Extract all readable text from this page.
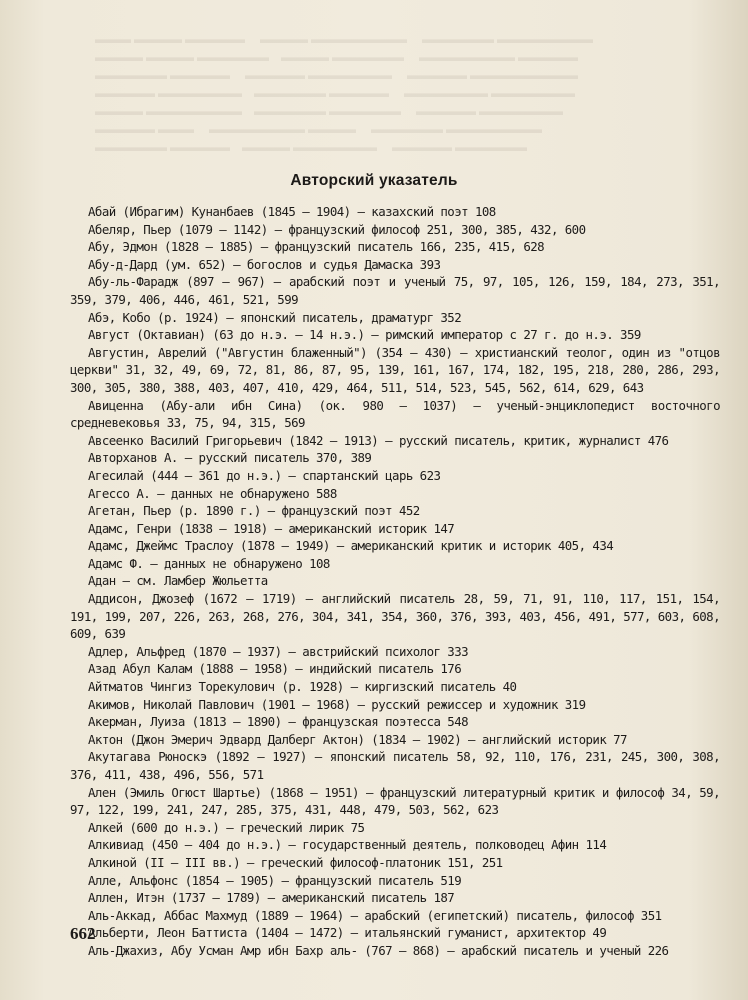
▬▬▬ ▬▬▬▬ ▬▬▬▬▬     ▬▬▬▬ ▬▬▬▬▬▬▬▬     ▬▬▬▬▬▬ ▬▬▬▬▬▬▬▬
▬▬▬▬ ▬▬▬▬ ▬▬▬▬▬▬    ▬▬▬▬ ▬▬▬▬▬▬     ▬▬▬▬▬▬▬▬ ▬▬▬▬▬
▬▬▬▬▬▬ ▬▬▬▬▬     ▬▬▬▬▬ ▬▬▬▬▬▬▬     ▬▬▬▬▬ ▬▬▬▬▬▬▬▬▬
▬▬▬▬▬ ▬▬▬▬▬▬▬    ▬▬▬▬▬▬ ▬▬▬▬▬     ▬▬▬▬▬▬▬ ▬▬▬▬▬▬▬
▬▬▬▬ ▬▬▬▬▬▬▬▬    ▬▬▬▬▬▬ ▬▬▬▬▬▬     ▬▬▬▬▬ ▬▬▬▬▬▬▬
▬▬▬▬▬ ▬▬▬     ▬▬▬▬▬▬▬▬ ▬▬▬▬     ▬▬▬▬▬▬ ▬▬▬▬▬▬▬▬
▬▬▬▬▬▬ ▬▬▬▬▬    ▬▬▬▬ ▬▬▬▬▬▬▬     ▬▬▬▬▬ ▬▬▬▬▬▬
Авторский указатель

Абай (Ибрагим) Кунанбаев (1845 — 1904) — казахский поэт 108

Абеляр, Пьер (1079 — 1142) — французский философ 251, 300, 385, 432, 600

Абу, Эдмон (1828 — 1885) — французский писатель 166, 235, 415, 628

Абу-д-Дард (ум. 652) — богослов и судья Дамаска 393

Абу-ль-Фарадж (897 — 967) — арабский поэт и ученый 75, 97, 105, 126, 159, 184, 273, 351, 359, 379, 406, 446, 461, 521, 599

Абэ, Кобо (р. 1924) — японский писатель, драматург 352

Август (Октавиан) (63 до н.э. — 14 н.э.) — римский император с 27 г. до н.э. 359

Августин, Аврелий ("Августин блаженный") (354 — 430) — христианский теолог, один из "отцов церкви" 31, 32, 49, 69, 72, 81, 86, 87, 95, 139, 161, 167, 174, 182, 195, 218, 280, 286, 293, 300, 305, 380, 388, 403, 407, 410, 429, 464, 511, 514, 523, 545, 562, 614, 629, 643

Авиценна (Абу-али ибн Сина) (ок. 980 — 1037) — ученый-энциклопедист восточного средневековья 33, 75, 94, 315, 569

Авсеенко Василий Григорьевич (1842 — 1913) — русский писатель, критик, журналист 476

Авторханов А. — русский писатель 370, 389

Агесилай (444 — 361 до н.э.) — спартанский царь 623

Агессо А. — данных не обнаружено 588

Агетан, Пьер (р. 1890 г.) — французский поэт 452

Адамс, Генри (1838 — 1918) — американский историк 147

Адамс, Джеймс Траслоу (1878 — 1949) — американский критик и историк 405, 434

Адамс Ф. — данных не обнаружено 108

Адан — см. Ламбер Жюльетта

Аддисон, Джозеф (1672 — 1719) — английский писатель 28, 59, 71, 91, 110, 117, 151, 154, 191, 199, 207, 226, 263, 268, 276, 304, 341, 354, 360, 376, 393, 403, 456, 491, 577, 603, 608, 609, 639

Адлер, Альфред (1870 — 1937) — австрийский психолог 333

Азад Абул Калам (1888 — 1958) — индийский писатель 176

Айтматов Чингиз Торекулович (р. 1928) — киргизский писатель 40

Акимов, Николай Павлович (1901 — 1968) — русский режиссер и художник 319

Акерман, Луиза (1813 — 1890) — французская поэтесса 548

Актон (Джон Эмерич Эдвард Далберг Актон) (1834 — 1902) — английский историк 77

Акутагава Рюноскэ (1892 — 1927) — японский писатель 58, 92, 110, 176, 231, 245, 300, 308, 376, 411, 438, 496, 556, 571

Ален (Эмиль Огюст Шартье) (1868 — 1951) — французский литературный критик и философ 34, 59, 97, 122, 199, 241, 247, 285, 375, 431, 448, 479, 503, 562, 623

Алкей (600 до н.э.) — греческий лирик 75

Алкивиад (450 — 404 до н.э.) — государственный деятель, полководец Афин 114

Алкиной (II — III вв.) — греческий философ-платоник 151, 251

Алле, Альфонс (1854 — 1905) — французский писатель 519

Аллен, Итэн (1737 — 1789) — американский писатель 187

Аль-Аккад, Аббас Махмуд (1889 — 1964) — арабский (египетский) писатель, философ 351

Альберти, Леон Баттиста (1404 — 1472) — итальянский гуманист, архитектор 49

Аль-Джахиз, Абу Усман Амр ибн Бахр аль- (767 — 868) — арабский писатель и ученый 226

662
